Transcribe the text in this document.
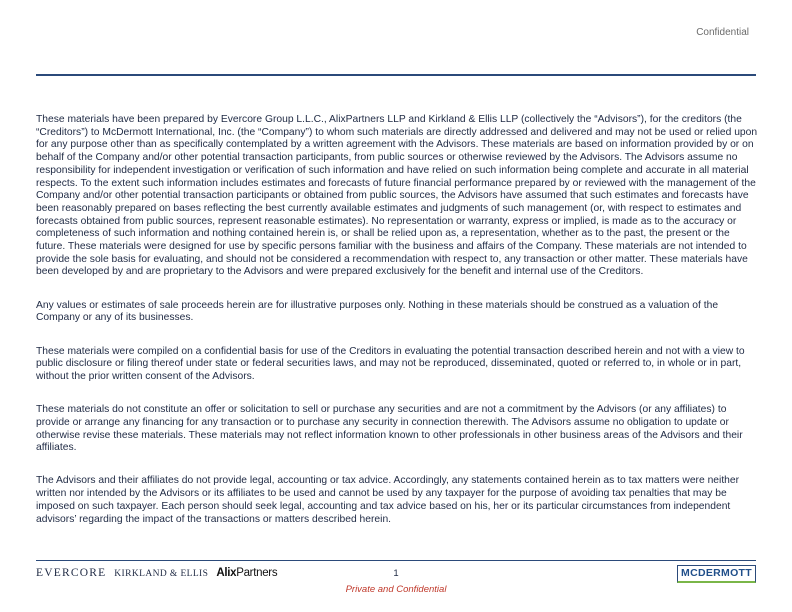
Confidential

These materials have been prepared by Evercore Group L.L.C., AlixPartners LLP and Kirkland & Ellis LLP (collectively the “Advisors”), for the creditors (the “Creditors”) to McDermott International, Inc. (the “Company”) to whom such materials are directly addressed and delivered and may not be used or relied upon for any purpose other than as specifically contemplated by a written agreement with the Advisors. These materials are based on information provided by or on behalf of the Company and/or other potential transaction participants, from public sources or otherwise reviewed by the Advisors. The Advisors assume no responsibility for independent investigation or verification of such information and have relied on such information being complete and accurate in all material respects. To the extent such information includes estimates and forecasts of future financial performance prepared by or reviewed with the management of the Company and/or other potential transaction participants or obtained from public sources, the Advisors have assumed that such estimates and forecasts have been reasonably prepared on bases reflecting the best currently available estimates and judgments of such management (or, with respect to estimates and forecasts obtained from public sources, represent reasonable estimates). No representation or warranty, express or implied, is made as to the accuracy or completeness of such information and nothing contained herein is, or shall be relied upon as, a representation, whether as to the past, the present or the future. These materials were designed for use by specific persons familiar with the business and affairs of the Company. These materials are not intended to provide the sole basis for evaluating, and should not be considered a recommendation with respect to, any transaction or other matter. These materials have been developed by and are proprietary to the Advisors and were prepared exclusively for the benefit and internal use of the Creditors.

Any values or estimates of sale proceeds herein are for illustrative purposes only. Nothing in these materials should be construed as a valuation of the Company or any of its businesses.

These materials were compiled on a confidential basis for use of the Creditors in evaluating the potential transaction described herein and not with a view to public disclosure or filing thereof under state or federal securities laws, and may not be reproduced, disseminated, quoted or referred to, in whole or in part, without the prior written consent of the Advisors.

These materials do not constitute an offer or solicitation to sell or purchase any securities and are not a commitment by the Advisors (or any affiliates) to provide or arrange any financing for any transaction or to purchase any security in connection therewith. The Advisors assume no obligation to update or otherwise revise these materials. These materials may not reflect information known to other professionals in other business areas of the Advisors and their affiliates.

The Advisors and their affiliates do not provide legal, accounting or tax advice. Accordingly, any statements contained herein as to tax matters were neither written nor intended by the Advisors or its affiliates to be used and cannot be used by any taxpayer for the purpose of avoiding tax penalties that may be imposed on such taxpayer. Each person should seek legal, accounting and tax advice based on his, her or its particular circumstances from independent advisors’ regarding the impact of the transactions or matters described herein.

EVERCORE KIRKLAND & ELLIS AlixPartners	1
Private and Confidential
MCDERMOTT
